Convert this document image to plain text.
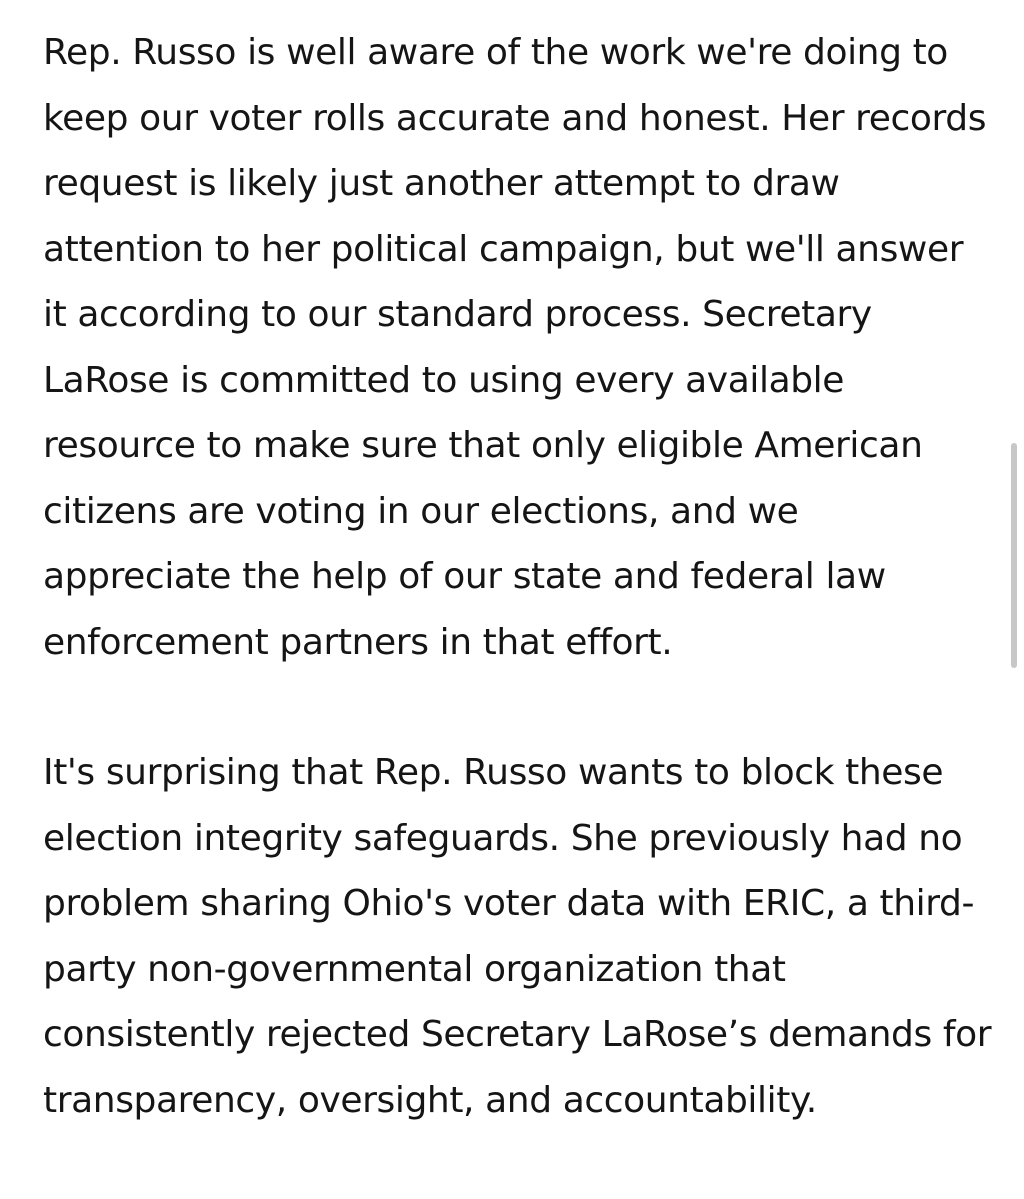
Rep. Russo is well aware of the work we're doing to keep our voter rolls accurate and honest. Her records request is likely just another attempt to draw attention to her political campaign, but we'll answer it according to our standard process. Secretary LaRose is committed to using every available resource to make sure that only eligible American citizens are voting in our elections, and we appreciate the help of our state and federal law enforcement partners in that effort.

It's surprising that Rep. Russo wants to block these election integrity safeguards. She previously had no problem sharing Ohio's voter data with ERIC, a third-party non-governmental organization that consistently rejected Secretary LaRose’s demands for transparency, oversight, and accountability.
